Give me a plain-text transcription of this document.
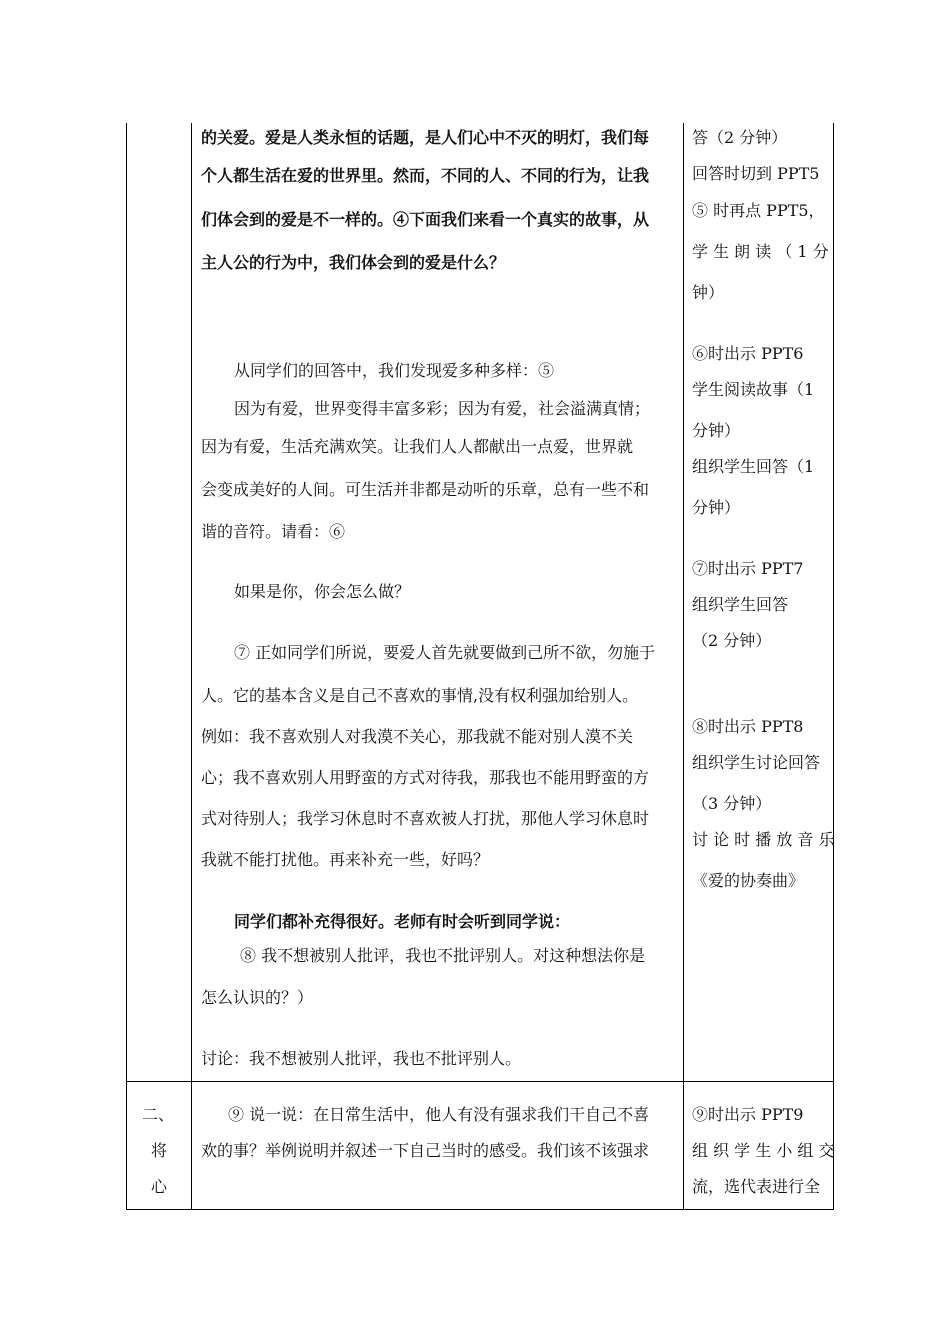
的关爱。爱是人类永恒的话题，是人们心中不灭的明灯，我们每
个人都生活在爱的世界里。然而，不同的人、不同的行为，让我
们体会到的爱是不一样的。④下面我们来看一个真实的故事，从
主人公的行为中，我们体会到的爱是什么？
从同学们的回答中，我们发现爱多种多样：⑤
因为有爱，世界变得丰富多彩；因为有爱，社会溢满真情；
因为有爱，生活充满欢笑。让我们人人都献出一点爱，世界就
会变成美好的人间。可生活并非都是动听的乐章，总有一些不和
谐的音符。请看：⑥
如果是你，你会怎么做？
⑦ 正如同学们所说，要爱人首先就要做到己所不欲，勿施于
人。它的基本含义是自己不喜欢的事情,没有权利强加给别人。
例如：我不喜欢别人对我漠不关心，那我就不能对别人漠不关
心；我不喜欢别人用野蛮的方式对待我，那我也不能用野蛮的方
式对待别人；我学习休息时不喜欢被人打扰，那他人学习休息时
我就不能打扰他。再来补充一些，好吗？
同学们都补充得很好。老师有时会听到同学说：
⑧ 我不想被别人批评，我也不批评别人。对这种想法你是
怎么认识的？）
讨论：我不想被别人批评，我也不批评别人。
答（2 分钟）
回答时切到 PPT5
⑤ 时再点 PPT5，
学 生 朗 读 （ 1 分
钟）
⑥时出示 PPT6
学生阅读故事（1
分钟）
组织学生回答（1
分钟）
⑦时出示 PPT7
组织学生回答
（2 分钟）
⑧时出示 PPT8
组织学生讨论回答
（3 分钟）
讨 论 时 播 放 音 乐
《爱的协奏曲》
二、
将
心
⑨ 说一说：在日常生活中，他人有没有强求我们干自己不喜
欢的事？举例说明并叙述一下自己当时的感受。我们该不该强求
⑨时出示 PPT9
组 织 学 生 小 组 交
流，选代表进行全
